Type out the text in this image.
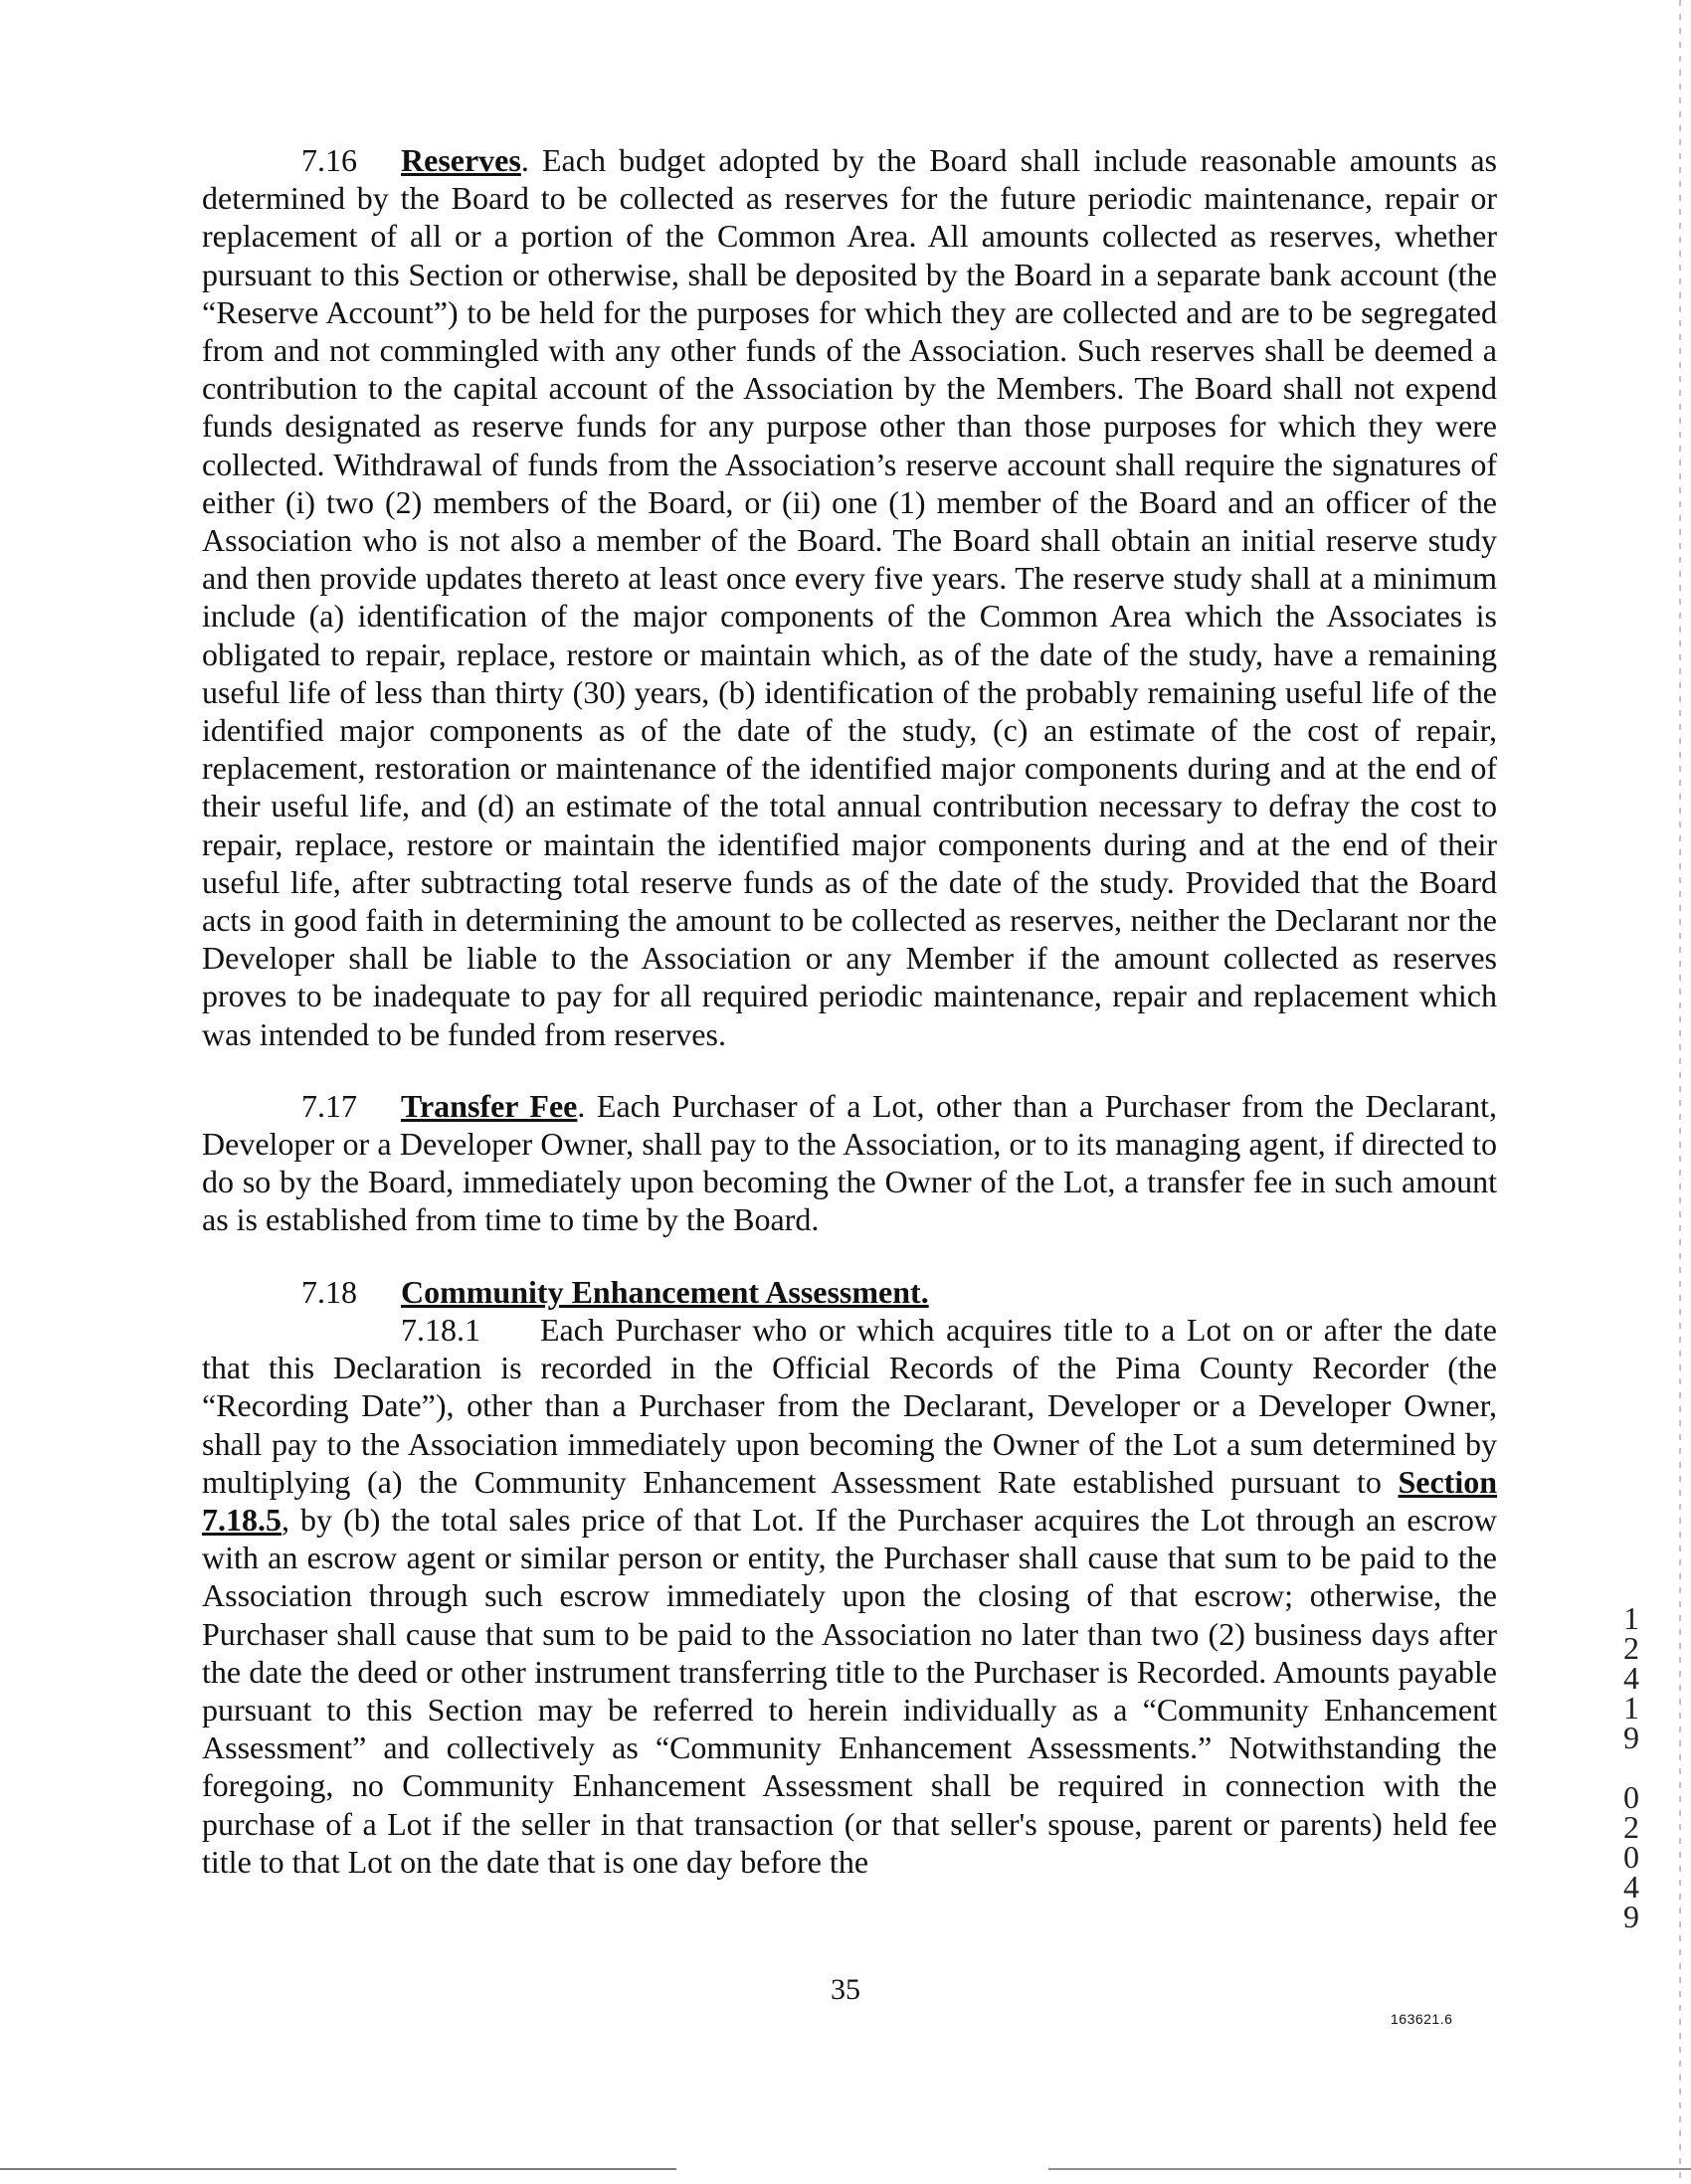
7.16 Reserves. Each budget adopted by the Board shall include reasonable amounts as determined by the Board to be collected as reserves for the future periodic maintenance, repair or replacement of all or a portion of the Common Area. All amounts collected as reserves, whether pursuant to this Section or otherwise, shall be deposited by the Board in a separate bank account (the “Reserve Account”) to be held for the purposes for which they are collected and are to be segregated from and not commingled with any other funds of the Association. Such reserves shall be deemed a contribution to the capital account of the Association by the Members. The Board shall not expend funds designated as reserve funds for any purpose other than those purposes for which they were collected. Withdrawal of funds from the Association’s reserve account shall require the signatures of either (i) two (2) members of the Board, or (ii) one (1) member of the Board and an officer of the Association who is not also a member of the Board. The Board shall obtain an initial reserve study and then provide updates thereto at least once every five years. The reserve study shall at a minimum include (a) identification of the major components of the Common Area which the Associates is obligated to repair, replace, restore or maintain which, as of the date of the study, have a remaining useful life of less than thirty (30) years, (b) identification of the probably remaining useful life of the identified major components as of the date of the study, (c) an estimate of the cost of repair, replacement, restoration or maintenance of the identified major components during and at the end of their useful life, and (d) an estimate of the total annual contribution necessary to defray the cost to repair, replace, restore or maintain the identified major components during and at the end of their useful life, after subtracting total reserve funds as of the date of the study. Provided that the Board acts in good faith in determining the amount to be collected as reserves, neither the Declarant nor the Developer shall be liable to the Association or any Member if the amount collected as reserves proves to be inadequate to pay for all required periodic maintenance, repair and replacement which was intended to be funded from reserves.

7.17 Transfer Fee. Each Purchaser of a Lot, other than a Purchaser from the Declarant, Developer or a Developer Owner, shall pay to the Association, or to its managing agent, if directed to do so by the Board, immediately upon becoming the Owner of the Lot, a transfer fee in such amount as is established from time to time by the Board.

7.18 Community Enhancement Assessment.

7.18.1 Each Purchaser who or which acquires title to a Lot on or after the date that this Declaration is recorded in the Official Records of the Pima County Recorder (the “Recording Date”), other than a Purchaser from the Declarant, Developer or a Developer Owner, shall pay to the Association immediately upon becoming the Owner of the Lot a sum determined by multiplying (a) the Community Enhancement Assessment Rate established pursuant to Section 7.18.5, by (b) the total sales price of that Lot. If the Purchaser acquires the Lot through an escrow with an escrow agent or similar person or entity, the Purchaser shall cause that sum to be paid to the Association through such escrow immediately upon the closing of that escrow; otherwise, the Purchaser shall cause that sum to be paid to the Association no later than two (2) business days after the date the deed or other instrument transferring title to the Purchaser is Recorded. Amounts payable pursuant to this Section may be referred to herein individually as a “Community Enhancement Assessment” and collectively as “Community Enhancement Assessments.” Notwithstanding the foregoing, no Community Enhancement Assessment shall be required in connection with the purchase of a Lot if the seller in that transaction (or that seller's spouse, parent or parents) held fee title to that Lot on the date that is one day before the

1
2
4
1
9
0
2
0
4
9
35
163621.6
